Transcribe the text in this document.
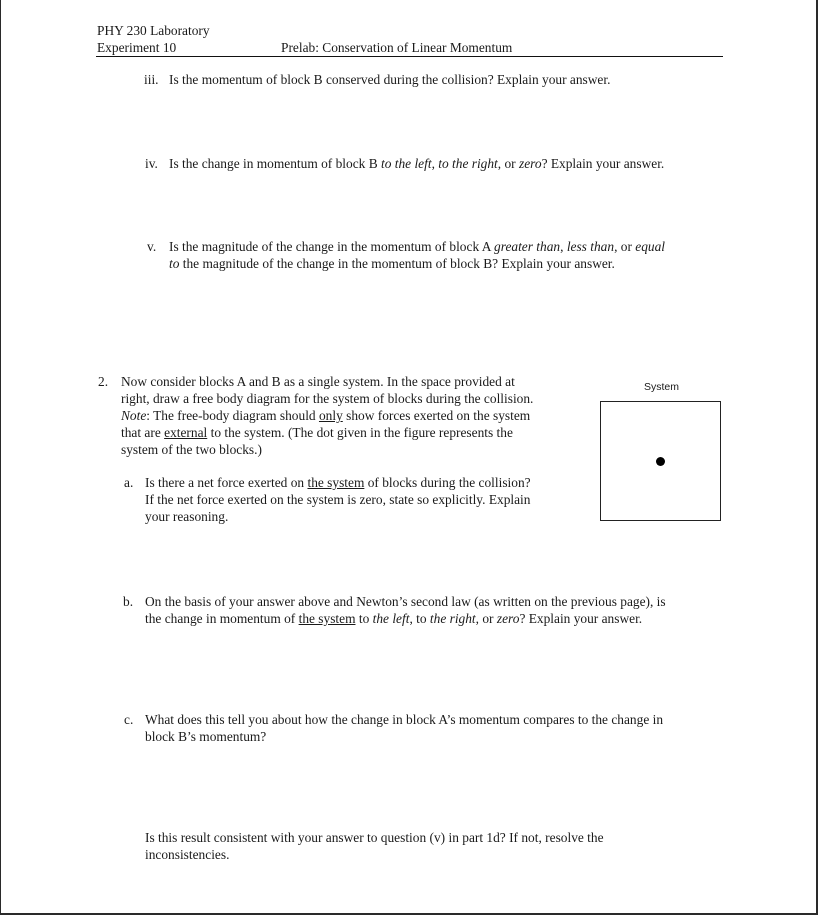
PHY 230 Laboratory
Experiment 10	Prelab: Conservation of Linear Momentum
iii. Is the momentum of block B conserved during the collision? Explain your answer.
iv. Is the change in momentum of block B to the left, to the right, or zero? Explain your answer.
v. Is the magnitude of the change in the momentum of block A greater than, less than, or equal
to the magnitude of the change in the momentum of block B? Explain your answer.
2. Now consider blocks A and B as a single system. In the space provided at
right, draw a free body diagram for the system of blocks during the collision.
Note: The free-body diagram should only show forces exerted on the system
that are external to the system. (The dot given in the figure represents the
system of the two blocks.)
System
a. Is there a net force exerted on the system of blocks during the collision?
If the net force exerted on the system is zero, state so explicitly. Explain
your reasoning.
b. On the basis of your answer above and Newton’s second law (as written on the previous page), is
the change in momentum of the system to the left, to the right, or zero? Explain your answer.
c. What does this tell you about how the change in block A’s momentum compares to the change in
block B’s momentum?
Is this result consistent with your answer to question (v) in part 1d? If not, resolve the
inconsistencies.
